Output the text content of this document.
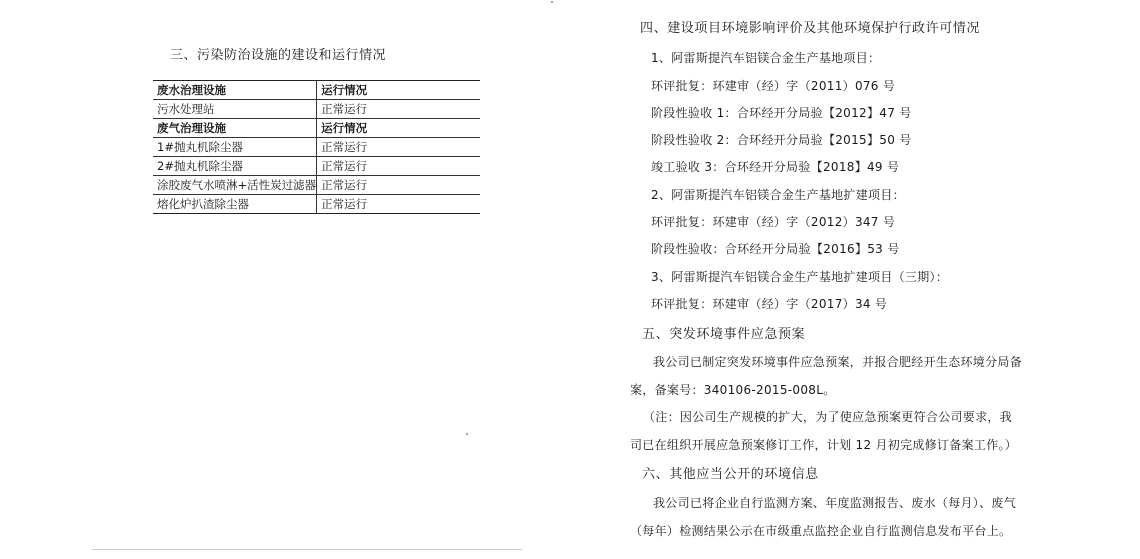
三、污染防治设施的建设和运行情况
废水治理设施	运行情况
污水处理站	正常运行
废气治理设施	运行情况
1#抛丸机除尘器	正常运行
2#抛丸机除尘器	正常运行
涂胶废气水喷淋+活性炭过滤器	正常运行
熔化炉扒渣除尘器	正常运行
四、建设项目环境影响评价及其他环境保护行政许可情况
1、阿雷斯提汽车铝镁合金生产基地项目：
环评批复：环建审（经）字（2011）076 号
阶段性验收 1：合环经开分局验【2012】47 号
阶段性验收 2：合环经开分局验【2015】50 号
竣工验收 3：合环经开分局验【2018】49 号
2、阿雷斯提汽车铝镁合金生产基地扩建项目：
环评批复：环建审（经）字（2012）347 号
阶段性验收：合环经开分局验【2016】53 号
3、阿雷斯提汽车铝镁合金生产基地扩建项目（三期）：
环评批复：环建审（经）字（2017）34 号
五、突发环境事件应急预案
我公司已制定突发环境事件应急预案，并报合肥经开生态环境分局备
案，备案号：340106-2015-008L。
（注：因公司生产规模的扩大，为了使应急预案更符合公司要求，我
司已在组织开展应急预案修订工作，计划 12 月初完成修订备案工作。）
六、其他应当公开的环境信息
我公司已将企业自行监测方案、年度监测报告、废水（每月）、废气
（每年）检测结果公示在市级重点监控企业自行监测信息发布平台上。
